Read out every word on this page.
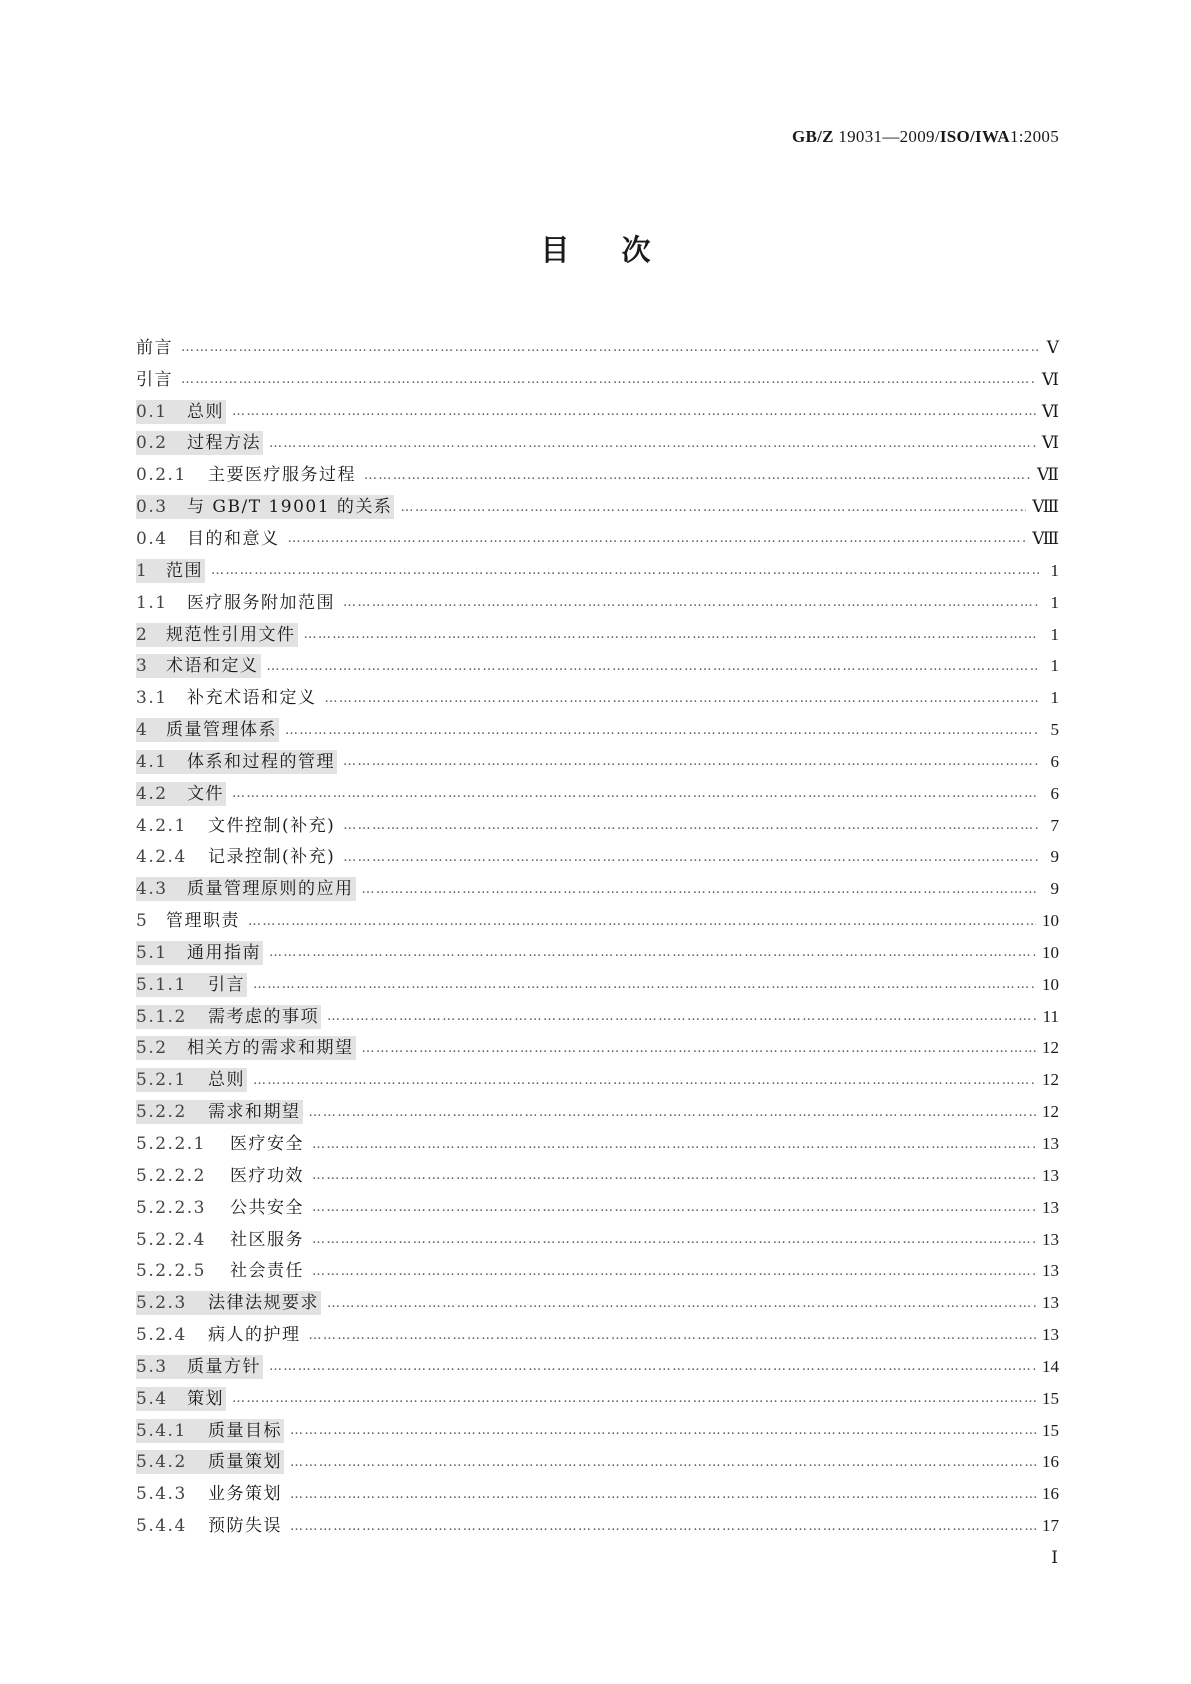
GB/Z 19031—2009/ISO/IWA1:2005
目次
前言 …………………………………………………………………………………………………………………………………………………………………………………………………………………………………………………	Ⅴ
引言 …………………………………………………………………………………………………………………………………………………………………………………………………………………………………………………	Ⅵ
0.1	总则 …………………………………………………………………………………………………………………………………………………………………………………………………………………………………………………	Ⅵ
0.2	过程方法 …………………………………………………………………………………………………………………………………………………………………………………………………………………………………………………	Ⅵ
0.2.1	主要医疗服务过程 …………………………………………………………………………………………………………………………………………………………………………………………………………………………………………………	Ⅶ
0.3	与 GB/T 19001 的关系 …………………………………………………………………………………………………………………………………………………………………………………………………………………………………………………	Ⅷ
0.4	目的和意义 …………………………………………………………………………………………………………………………………………………………………………………………………………………………………………………	Ⅷ
1	范围 …………………………………………………………………………………………………………………………………………………………………………………………………………………………………………………	1
1.1	医疗服务附加范围 …………………………………………………………………………………………………………………………………………………………………………………………………………………………………………………	1
2	规范性引用文件 …………………………………………………………………………………………………………………………………………………………………………………………………………………………………………………	1
3	术语和定义 …………………………………………………………………………………………………………………………………………………………………………………………………………………………………………………	1
3.1	补充术语和定义 …………………………………………………………………………………………………………………………………………………………………………………………………………………………………………………	1
4	质量管理体系 …………………………………………………………………………………………………………………………………………………………………………………………………………………………………………………	5
4.1	体系和过程的管理 …………………………………………………………………………………………………………………………………………………………………………………………………………………………………………………	6
4.2	文件 …………………………………………………………………………………………………………………………………………………………………………………………………………………………………………………	6
4.2.1	文件控制(补充) …………………………………………………………………………………………………………………………………………………………………………………………………………………………………………………	7
4.2.4	记录控制(补充) …………………………………………………………………………………………………………………………………………………………………………………………………………………………………………………	9
4.3	质量管理原则的应用 …………………………………………………………………………………………………………………………………………………………………………………………………………………………………………………	9
5	管理职责 …………………………………………………………………………………………………………………………………………………………………………………………………………………………………………………	10
5.1	通用指南 …………………………………………………………………………………………………………………………………………………………………………………………………………………………………………………	10
5.1.1	引言 …………………………………………………………………………………………………………………………………………………………………………………………………………………………………………………	10
5.1.2	需考虑的事项 …………………………………………………………………………………………………………………………………………………………………………………………………………………………………………………	11
5.2	相关方的需求和期望 …………………………………………………………………………………………………………………………………………………………………………………………………………………………………………………	12
5.2.1	总则 …………………………………………………………………………………………………………………………………………………………………………………………………………………………………………………	12
5.2.2	需求和期望 …………………………………………………………………………………………………………………………………………………………………………………………………………………………………………………	12
5.2.2.1	医疗安全 …………………………………………………………………………………………………………………………………………………………………………………………………………………………………………………	13
5.2.2.2	医疗功效 …………………………………………………………………………………………………………………………………………………………………………………………………………………………………………………	13
5.2.2.3	公共安全 …………………………………………………………………………………………………………………………………………………………………………………………………………………………………………………	13
5.2.2.4	社区服务 …………………………………………………………………………………………………………………………………………………………………………………………………………………………………………………	13
5.2.2.5	社会责任 …………………………………………………………………………………………………………………………………………………………………………………………………………………………………………………	13
5.2.3	法律法规要求 …………………………………………………………………………………………………………………………………………………………………………………………………………………………………………………	13
5.2.4	病人的护理 …………………………………………………………………………………………………………………………………………………………………………………………………………………………………………………	13
5.3	质量方针 …………………………………………………………………………………………………………………………………………………………………………………………………………………………………………………	14
5.4	策划 …………………………………………………………………………………………………………………………………………………………………………………………………………………………………………………	15
5.4.1	质量目标 …………………………………………………………………………………………………………………………………………………………………………………………………………………………………………………	15
5.4.2	质量策划 …………………………………………………………………………………………………………………………………………………………………………………………………………………………………………………	16
5.4.3	业务策划 …………………………………………………………………………………………………………………………………………………………………………………………………………………………………………………	16
5.4.4	预防失误 …………………………………………………………………………………………………………………………………………………………………………………………………………………………………………………	17
Ⅰ
